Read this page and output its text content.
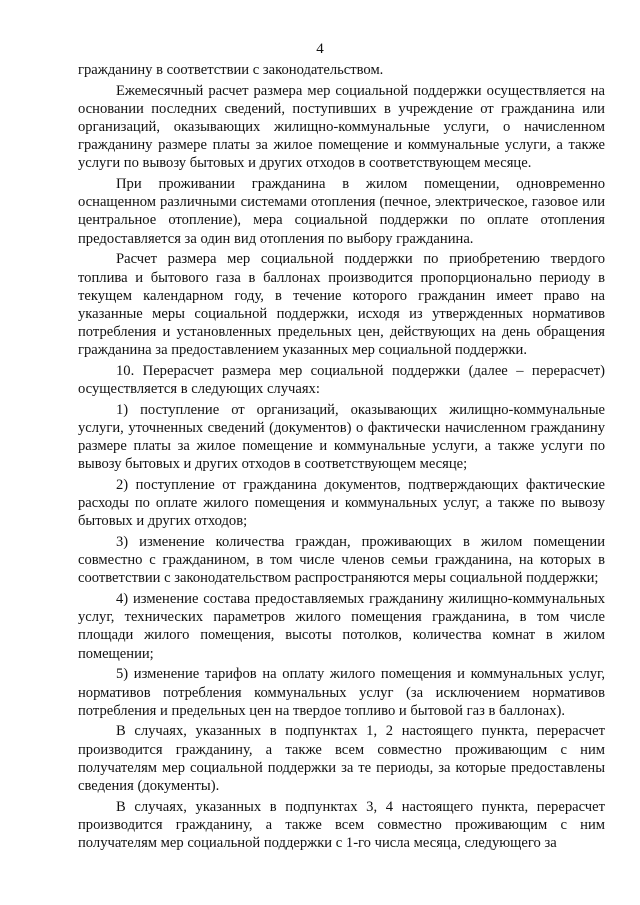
4

гражданину в соответствии с законодательством.

Ежемесячный расчет размера мер социальной поддержки осуществляется на основании последних сведений, поступивших в учреждение от гражданина или организаций, оказывающих жилищно-коммунальные услуги, о начисленном гражданину размере платы за жилое помещение и коммунальные услуги, а также услуги по вывозу бытовых и других отходов в соответствующем месяце.

При проживании гражданина в жилом помещении, одновременно оснащенном различными системами отопления (печное, электрическое, газовое или центральное отопление), мера социальной поддержки по оплате отопления предоставляется за один вид отопления по выбору гражданина.

Расчет размера мер социальной поддержки по приобретению твердого топлива и бытового газа в баллонах производится пропорционально периоду в текущем календарном году, в течение которого гражданин имеет право на указанные меры социальной поддержки, исходя из утвержденных нормативов потребления и установленных предельных цен, действующих на день обращения гражданина за предоставлением указанных мер социальной поддержки.

10. Перерасчет размера мер социальной поддержки (далее – перерасчет) осуществляется в следующих случаях:

1) поступление от организаций, оказывающих жилищно-коммунальные услуги, уточненных сведений (документов) о фактически начисленном гражданину размере платы за жилое помещение и коммунальные услуги, а также услуги по вывозу бытовых и других отходов в соответствующем месяце;

2) поступление от гражданина документов, подтверждающих фактические расходы по оплате жилого помещения и коммунальных услуг, а также по вывозу бытовых и других отходов;

3) изменение количества граждан, проживающих в жилом помещении совместно с гражданином, в том числе членов семьи гражданина, на которых в соответствии с законодательством распространяются меры социальной поддержки;

4) изменение состава предоставляемых гражданину жилищно-коммунальных услуг, технических параметров жилого помещения гражданина, в том числе площади жилого помещения, высоты потолков, количества комнат в жилом помещении;

5) изменение тарифов на оплату жилого помещения и коммунальных услуг, нормативов потребления коммунальных услуг (за исключением нормативов потребления и предельных цен на твердое топливо и бытовой газ в баллонах).

В случаях, указанных в подпунктах 1, 2 настоящего пункта, перерасчет производится гражданину, а также всем совместно проживающим с ним получателям мер социальной поддержки за те периоды, за которые предоставлены сведения (документы).

В случаях, указанных в подпунктах 3, 4 настоящего пункта, перерасчет производится гражданину, а также всем совместно проживающим с ним получателям мер социальной поддержки с 1-го числа месяца, следующего за
